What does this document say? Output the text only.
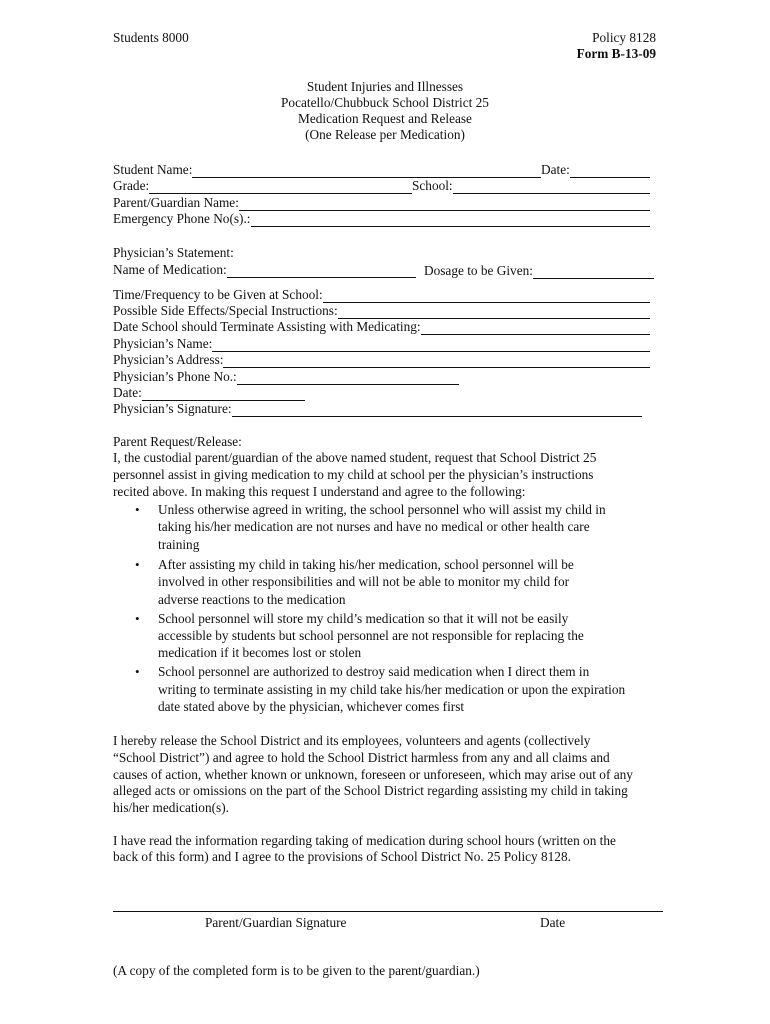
Students 8000	Policy 8128
Form B-13-09
Student Injuries and Illnesses
Pocatello/Chubbuck School District 25
Medication Request and Release
(One Release per Medication)
Student Name:	Date:
Grade:	School:
Parent/Guardian Name:
Emergency Phone No(s).:
Physician’s Statement:
Name of Medication:	Dosage to be Given:
Time/Frequency to be Given at School:
Possible Side Effects/Special Instructions:
Date School should Terminate Assisting with Medicating:
Physician’s Name:
Physician’s Address:
Physician’s Phone No.:
Date:
Physician’s Signature:
Parent Request/Release:
I, the custodial parent/guardian of the above named student, request that School District 25
personnel assist in giving medication to my child at school per the physician’s instructions
recited above. In making this request I understand and agree to the following:
• Unless otherwise agreed in writing, the school personnel who will assist my child in
taking his/her medication are not nurses and have no medical or other health care
training
• After assisting my child in taking his/her medication, school personnel will be
involved in other responsibilities and will not be able to monitor my child for
adverse reactions to the medication
• School personnel will store my child’s medication so that it will not be easily
accessible by students but school personnel are not responsible for replacing the
medication if it becomes lost or stolen
• School personnel are authorized to destroy said medication when I direct them in
writing to terminate assisting in my child take his/her medication or upon the expiration
date stated above by the physician, whichever comes first
I hereby release the School District and its employees, volunteers and agents (collectively
“School District”) and agree to hold the School District harmless from any and all claims and
causes of action, whether known or unknown, foreseen or unforeseen, which may arise out of any
alleged acts or omissions on the part of the School District regarding assisting my child in taking
his/her medication(s).
I have read the information regarding taking of medication during school hours (written on the
back of this form) and I agree to the provisions of School District No. 25 Policy 8128.
Parent/Guardian Signature	Date
(A copy of the completed form is to be given to the parent/guardian.)
